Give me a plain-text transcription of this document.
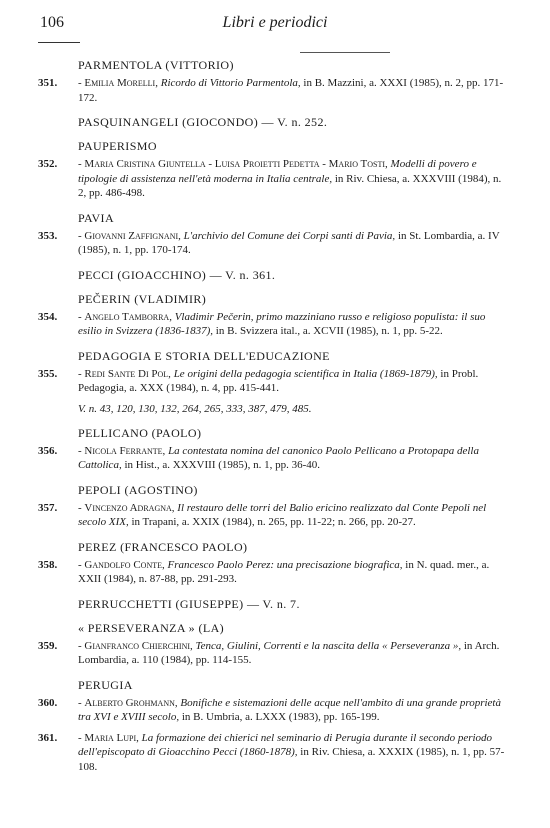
106	Libri e periodici
PARMENTOLA (VITTORIO)
351. - Emilia Morelli, Ricordo di Vittorio Parmentola, in B. Mazzini, a. XXXI (1985), n. 2, pp. 171-172.
PASQUINANGELI (GIOCONDO) — V. n. 252.
PAUPERISMO
352. - Maria Cristina Giuntella - Luisa Proietti Pedetta - Mario Tosti, Modelli di povero e tipologie di assistenza nell'età moderna in Italia centrale, in Riv. Chiesa, a. XXXVIII (1984), n. 2, pp. 486-498.
PAVIA
353. - Giovanni Zaffignani, L'archivio del Comune dei Corpi santi di Pavia, in St. Lombardia, a. IV (1985), n. 1, pp. 170-174.
PECCI (GIOACCHINO) — V. n. 361.
PEČERIN (VLADIMIR)
354. - Angelo Tamborra, Vladimir Pečerin, primo mazziniano russo e religioso populista: il suo esilio in Svizzera (1836-1837), in B. Svizzera ital., a. XCVII (1985), n. 1, pp. 5-22.
PEDAGOGIA E STORIA DELL'EDUCAZIONE
355. - Redi Sante Di Pol, Le origini della pedagogia scientifica in Italia (1869-1879), in Probl. Pedagogia, a. XXX (1984), n. 4, pp. 415-441.
V. n. 43, 120, 130, 132, 264, 265, 333, 387, 479, 485.
PELLICANO (PAOLO)
356. - Nicola Ferrante, La contestata nomina del canonico Paolo Pellicano a Protopapa della Cattolica, in Hist., a. XXXVIII (1985), n. 1, pp. 36-40.
PEPOLI (AGOSTINO)
357. - Vincenzo Adragna, Il restauro delle torri del Balio ericino realizzato dal Conte Pepoli nel secolo XIX, in Trapani, a. XXIX (1984), n. 265, pp. 11-22; n. 266, pp. 20-27.
PEREZ (FRANCESCO PAOLO)
358. - Gandolfo Conte, Francesco Paolo Perez: una precisazione biografica, in N. quad. mer., a. XXII (1984), n. 87-88, pp. 291-293.
PERRUCCHETTI (GIUSEPPE) — V. n. 7.
« PERSEVERANZA » (LA)
359. - Gianfranco Chierchini, Tenca, Giulini, Correnti e la nascita della « Perseveranza », in Arch. Lombardia, a. 110 (1984), pp. 114-155.
PERUGIA
360. - Alberto Grohmann, Bonifiche e sistemazioni delle acque nell'ambito di una grande proprietà tra XVI e XVIII secolo, in B. Umbria, a. LXXX (1983), pp. 165-199.
361. - Maria Lupi, La formazione dei chierici nel seminario di Perugia durante il secondo periodo dell'episcopato di Gioacchino Pecci (1860-1878), in Riv. Chiesa, a. XXXIX (1985), n. 1, pp. 57-108.
